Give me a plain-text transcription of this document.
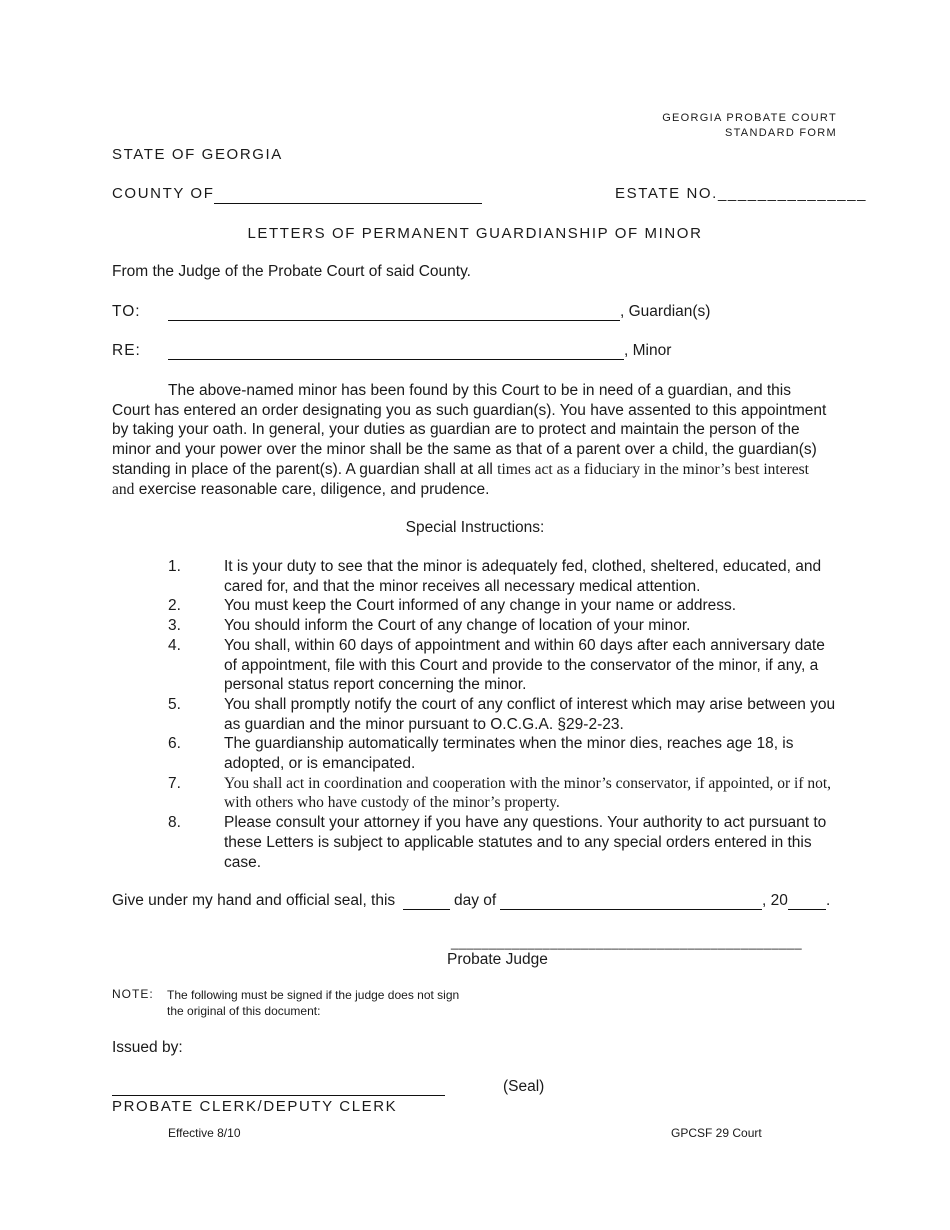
GEORGIA PROBATE COURT
STANDARD FORM
STATE OF GEORGIA
COUNTY OF	ESTATE NO._______________
LETTERS OF PERMANENT GUARDIANSHIP OF MINOR
From the Judge of the Probate Court of said County.
TO:	, Guardian(s)
RE:	, Minor
The above-named minor has been found by this Court to be in need of a guardian, and this Court has entered an order designating you as such guardian(s). You have assented to this appointment by taking your oath. In general, your duties as guardian are to protect and maintain the person of the minor and your power over the minor shall be the same as that of a parent over a child, the guardian(s) standing in place of the parent(s). A guardian shall at all times act as a fiduciary in the minor’s best interest and exercise reasonable care, diligence, and prudence.
Special Instructions:
1.	It is your duty to see that the minor is adequately fed, clothed, sheltered, educated, and cared for, and that the minor receives all necessary medical attention.
2.	You must keep the Court informed of any change in your name or address.
3.	You should inform the Court of any change of location of your minor.
4.	You shall, within 60 days of appointment and within 60 days after each anniversary date of appointment, file with this Court and provide to the conservator of the minor, if any, a personal status report concerning the minor.
5.	You shall promptly notify the court of any conflict of interest which may arise between you as guardian and the minor pursuant to O.C.G.A. §29-2-23.
6.	The guardianship automatically terminates when the minor dies, reaches age 18, is adopted, or is emancipated.
7.	You shall act in coordination and cooperation with the minor’s conservator, if appointed, or if not, with others who have custody of the minor’s property.
8.	Please consult your attorney if you have any questions. Your authority to act pursuant to these Letters is subject to applicable statutes and to any special orders entered in this case.
Give under my hand and official seal, this	day of	, 20 .
______________________________________________
Probate Judge
NOTE: The following must be signed if the judge does not sign the original of this document:
Issued by:
(Seal)
PROBATE CLERK/DEPUTY CLERK
Effective 8/10	GPCSF 29 Court
